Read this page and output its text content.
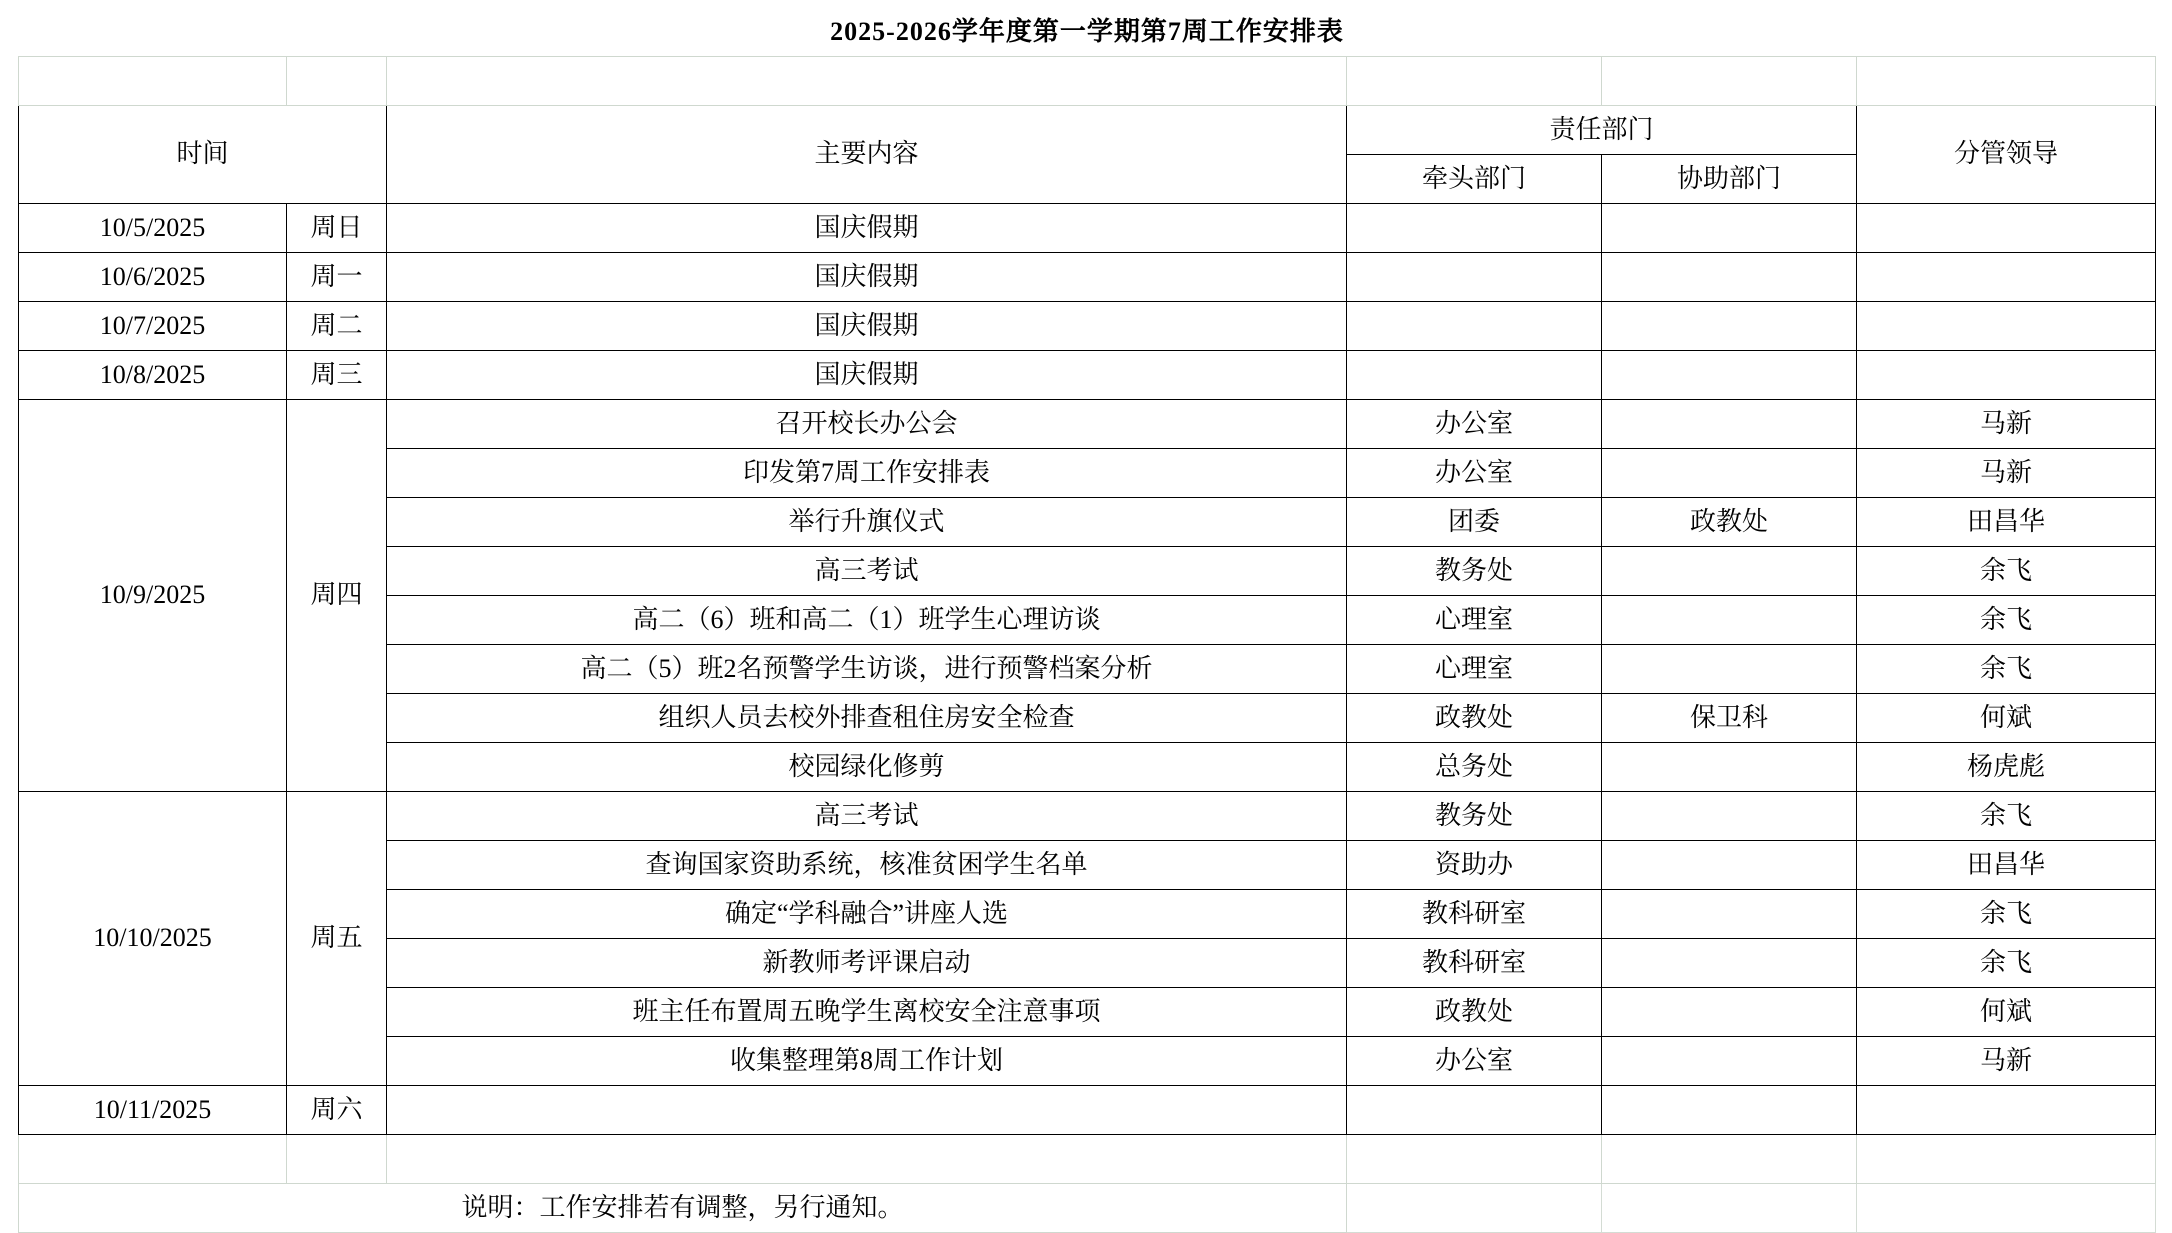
2025-2026学年度第一学期第7周工作安排表					

时间		主要内容	责任部门		分管领导
			牵头部门	协助部门	
10/5/2025	周日	国庆假期			
10/6/2025	周一	国庆假期			
10/7/2025	周二	国庆假期			
10/8/2025	周三	国庆假期			
10/9/2025	周四	召开校长办公会	办公室		马新
		印发第7周工作安排表	办公室		马新
		举行升旗仪式	团委	政教处	田昌华
		高三考试	教务处		余飞
		高二（6）班和高二（1）班学生心理访谈	心理室		余飞
		高二（5）班2名预警学生访谈，进行预警档案分析	心理室		余飞
		组织人员去校外排查租住房安全检查	政教处	保卫科	何斌
		校园绿化修剪	总务处		杨虎彪
10/10/2025	周五	高三考试	教务处		余飞
		查询国家资助系统，核准贫困学生名单	资助办		田昌华
		确定“学科融合”讲座人选	教科研室		余飞
		新教师考评课启动	教科研室		余飞
		班主任布置周五晚学生离校安全注意事项	政教处		何斌
		收集整理第8周工作计划	办公室		马新
10/11/2025	周六				

说明：工作安排若有调整，另行通知。					
